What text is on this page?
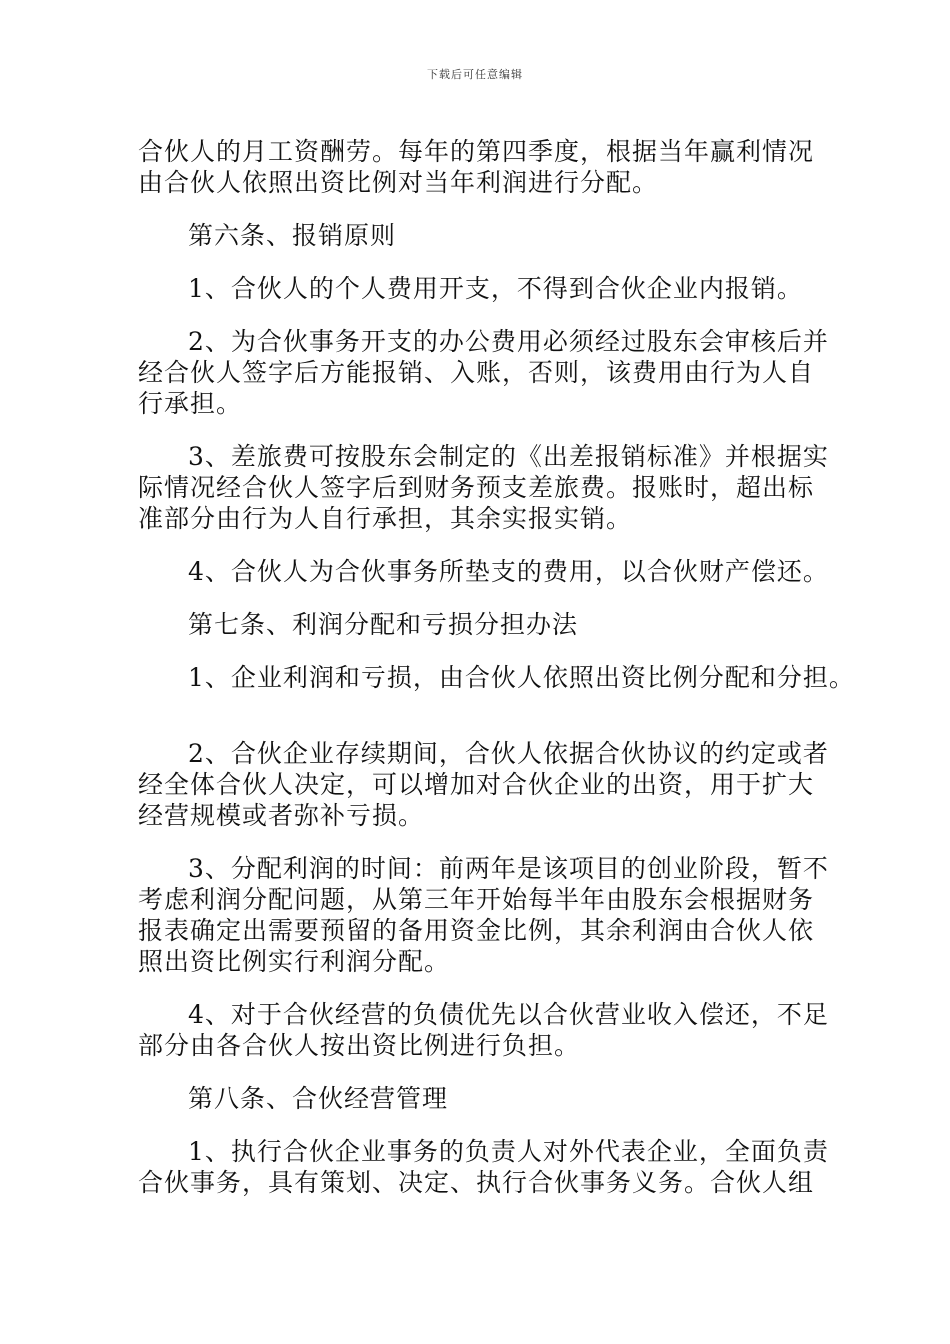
下载后可任意编辑

合伙人的月工资酬劳。每年的第四季度，根据当年赢利情况
由合伙人依照出资比例对当年利润进行分配。

第六条、报销原则

1、合伙人的个人费用开支，不得到合伙企业内报销。

2、为合伙事务开支的办公费用必须经过股东会审核后并
经合伙人签字后方能报销、入账，否则，该费用由行为人自
行承担。

3、差旅费可按股东会制定的《出差报销标准》并根据实
际情况经合伙人签字后到财务预支差旅费。报账时，超出标
准部分由行为人自行承担，其余实报实销。

4、合伙人为合伙事务所垫支的费用，以合伙财产偿还。

第七条、利润分配和亏损分担办法

1、企业利润和亏损，由合伙人依照出资比例分配和分担。

2、合伙企业存续期间，合伙人依据合伙协议的约定或者
经全体合伙人决定，可以增加对合伙企业的出资，用于扩大
经营规模或者弥补亏损。

3、分配利润的时间：前两年是该项目的创业阶段，暂不
考虑利润分配问题，从第三年开始每半年由股东会根据财务
报表确定出需要预留的备用资金比例，其余利润由合伙人依
照出资比例实行利润分配。

4、对于合伙经营的负债优先以合伙营业收入偿还，不足
部分由各合伙人按出资比例进行负担。

第八条、合伙经营管理

1、执行合伙企业事务的负责人对外代表企业，全面负责
合伙事务，具有策划、决定、执行合伙事务义务。合伙人组
